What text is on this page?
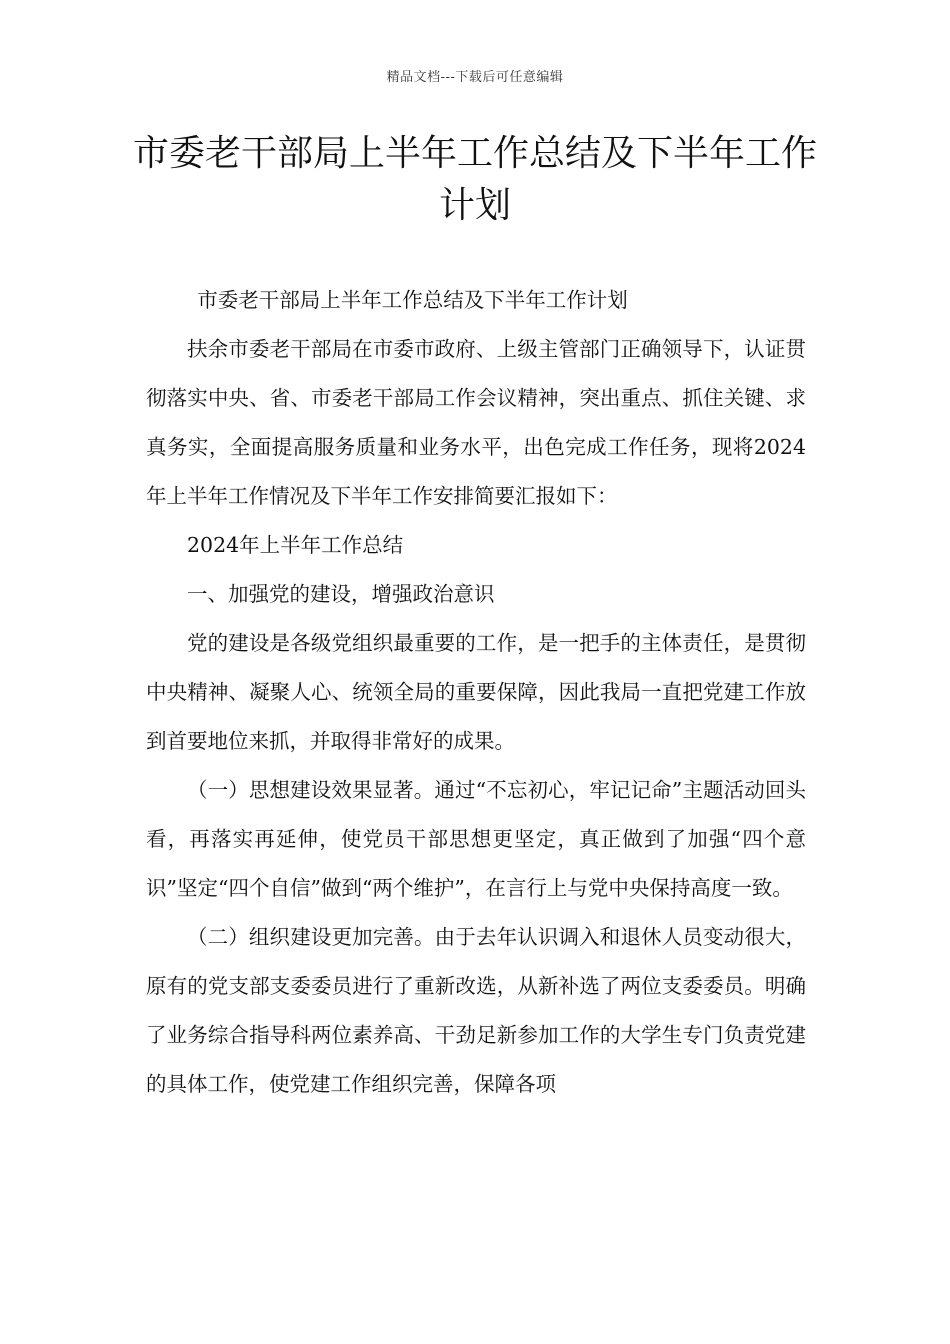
精品文档---下载后可任意编辑
市委老干部局上半年工作总结及下半年工作计划

市委老干部局上半年工作总结及下半年工作计划

扶余市委老干部局在市委市政府、上级主管部门正确领导下，认证贯彻落实中央、省、市委老干部局工作会议精神，突出重点、抓住关键、求真务实，全面提高服务质量和业务水平，出色完成工作任务，现将2024年上半年工作情况及下半年工作安排简要汇报如下：

2024年上半年工作总结

一、加强党的建设，增强政治意识

党的建设是各级党组织最重要的工作，是一把手的主体责任，是贯彻中央精神、凝聚人心、统领全局的重要保障，因此我局一直把党建工作放到首要地位来抓，并取得非常好的成果。

（一）思想建设效果显著。通过“不忘初心，牢记记命”主题活动回头看，再落实再延伸，使党员干部思想更坚定，真正做到了加强“四个意识”坚定“四个自信”做到“两个维护”，在言行上与党中央保持高度一致。

（二）组织建设更加完善。由于去年认识调入和退休人员变动很大，原有的党支部支委委员进行了重新改选，从新补选了两位支委委员。明确了业务综合指导科两位素养高、干劲足新参加工作的大学生专门负责党建的具体工作，使党建工作组织完善，保障各项
